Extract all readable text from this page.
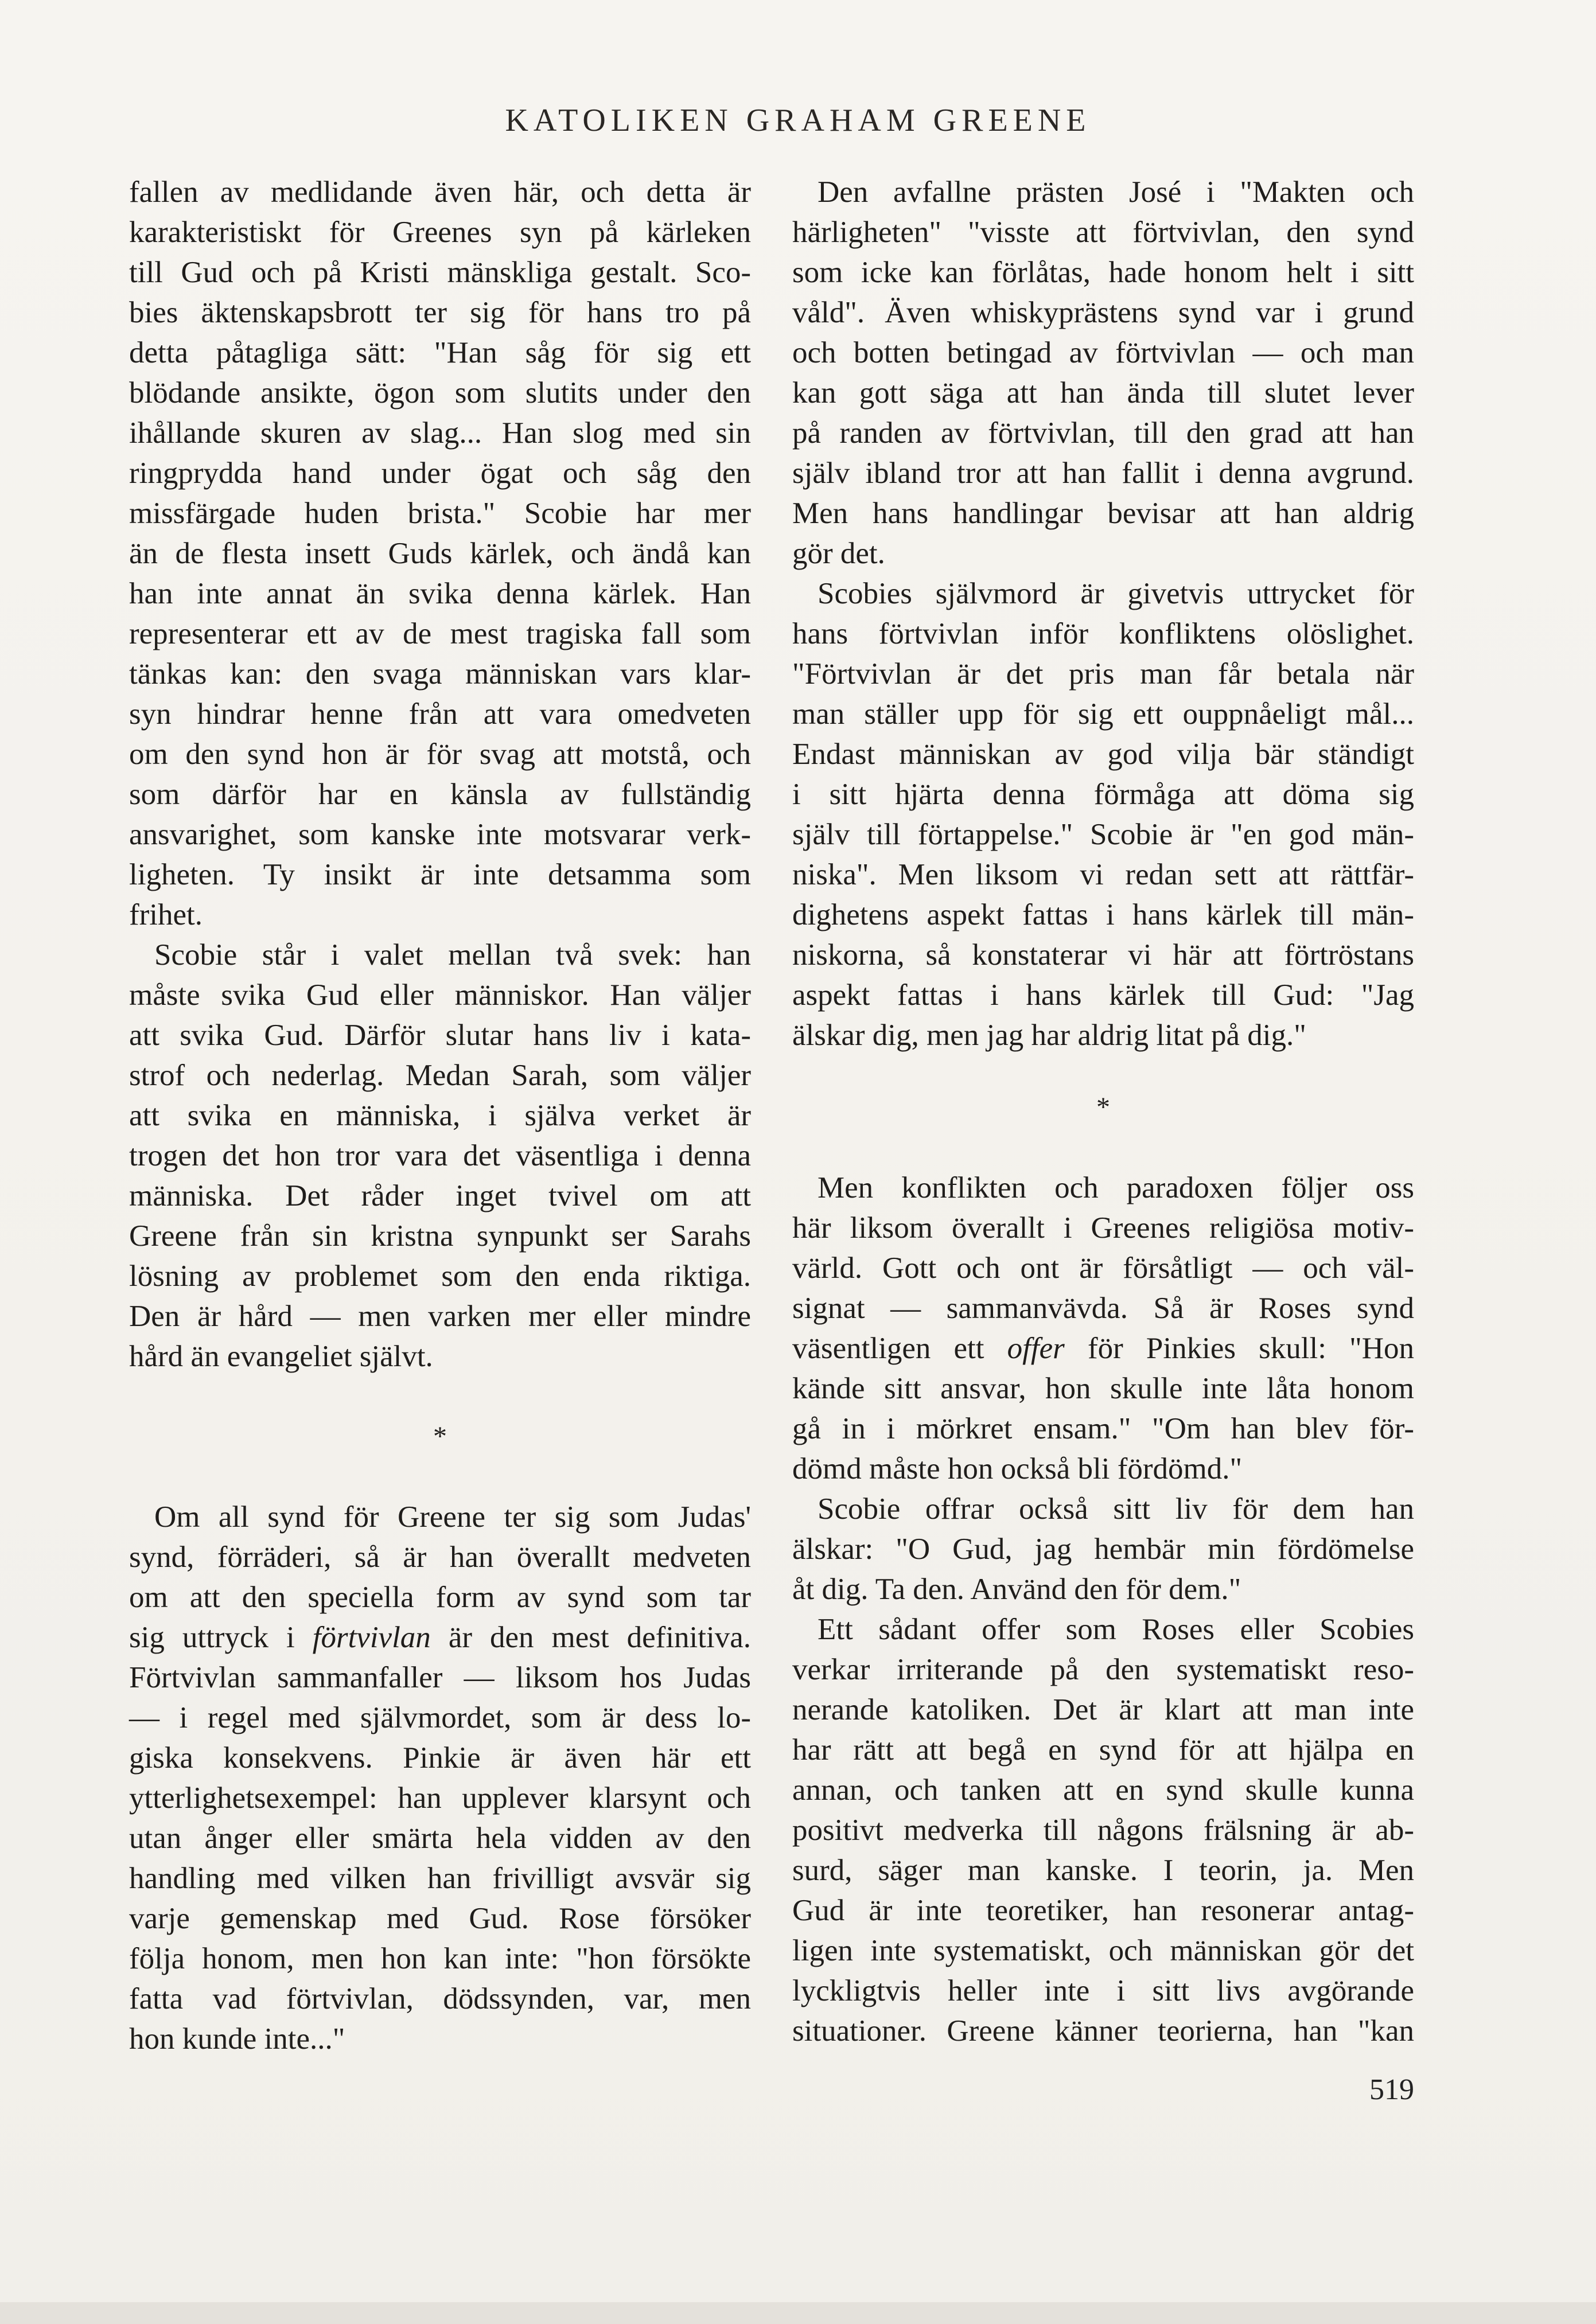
KATOLIKEN GRAHAM GREENE
fallen av medlidande även här, och detta är
karakteristiskt för Greenes syn på kärleken
till Gud och på Kristi mänskliga gestalt. Sco-
bies äktenskapsbrott ter sig för hans tro på
detta påtagliga sätt: "Han såg för sig ett
blödande ansikte, ögon som slutits under den
ihållande skuren av slag... Han slog med sin
ringprydda hand under ögat och såg den
missfärgade huden brista." Scobie har mer
än de flesta insett Guds kärlek, och ändå kan
han inte annat än svika denna kärlek. Han
representerar ett av de mest tragiska fall som
tänkas kan: den svaga människan vars klar-
syn hindrar henne från att vara omedveten
om den synd hon är för svag att motstå, och
som därför har en känsla av fullständig
ansvarighet, som kanske inte motsvarar verk-
ligheten. Ty insikt är inte detsamma som
frihet.
Scobie står i valet mellan två svek: han
måste svika Gud eller människor. Han väljer
att svika Gud. Därför slutar hans liv i kata-
strof och nederlag. Medan Sarah, som väljer
att svika en människa, i själva verket är
trogen det hon tror vara det väsentliga i denna
människa. Det råder inget tvivel om att
Greene från sin kristna synpunkt ser Sarahs
lösning av problemet som den enda riktiga.
Den är hård — men varken mer eller mindre
hård än evangeliet självt.
*
Om all synd för Greene ter sig som Judas'
synd, förräderi, så är han överallt medveten
om att den speciella form av synd som tar
sig uttryck i förtvivlan är den mest definitiva.
Förtvivlan sammanfaller — liksom hos Judas
— i regel med självmordet, som är dess lo-
giska konsekvens. Pinkie är även här ett
ytterlighetsexempel: han upplever klarsynt och
utan ånger eller smärta hela vidden av den
handling med vilken han frivilligt avsvär sig
varje gemenskap med Gud. Rose försöker
följa honom, men hon kan inte: "hon försökte
fatta vad förtvivlan, dödssynden, var, men
hon kunde inte..."
Den avfallne prästen José i "Makten och
härligheten" "visste att förtvivlan, den synd
som icke kan förlåtas, hade honom helt i sitt
våld". Även whiskyprästens synd var i grund
och botten betingad av förtvivlan — och man
kan gott säga att han ända till slutet lever
på randen av förtvivlan, till den grad att han
själv ibland tror att han fallit i denna avgrund.
Men hans handlingar bevisar att han aldrig
gör det.
Scobies självmord är givetvis uttrycket för
hans förtvivlan inför konfliktens olöslighet.
"Förtvivlan är det pris man får betala när
man ställer upp för sig ett ouppnåeligt mål...
Endast människan av god vilja bär ständigt
i sitt hjärta denna förmåga att döma sig
själv till förtappelse." Scobie är "en god män-
niska". Men liksom vi redan sett att rättfär-
dighetens aspekt fattas i hans kärlek till män-
niskorna, så konstaterar vi här att förtröstans
aspekt fattas i hans kärlek till Gud: "Jag
älskar dig, men jag har aldrig litat på dig."
*
Men konflikten och paradoxen följer oss
här liksom överallt i Greenes religiösa motiv-
värld. Gott och ont är försåtligt — och väl-
signat — sammanvävda. Så är Roses synd
väsentligen ett offer för Pinkies skull: "Hon
kände sitt ansvar, hon skulle inte låta honom
gå in i mörkret ensam." "Om han blev för-
dömd måste hon också bli fördömd."
Scobie offrar också sitt liv för dem han
älskar: "O Gud, jag hembär min fördömelse
åt dig. Ta den. Använd den för dem."
Ett sådant offer som Roses eller Scobies
verkar irriterande på den systematiskt reso-
nerande katoliken. Det är klart att man inte
har rätt att begå en synd för att hjälpa en
annan, och tanken att en synd skulle kunna
positivt medverka till någons frälsning är ab-
surd, säger man kanske. I teorin, ja. Men
Gud är inte teoretiker, han resonerar antag-
ligen inte systematiskt, och människan gör det
lyckligtvis heller inte i sitt livs avgörande
situationer. Greene känner teorierna, han "kan
519
